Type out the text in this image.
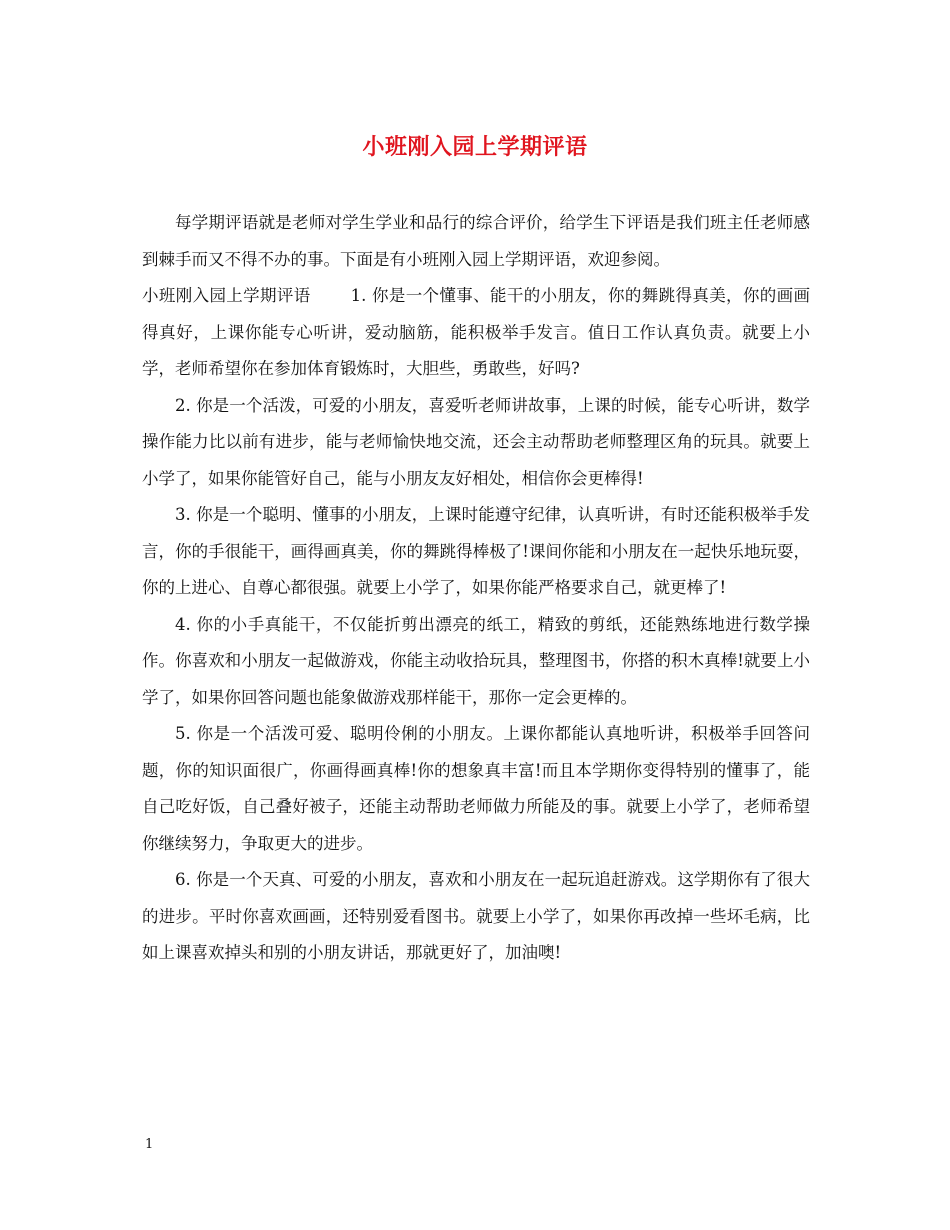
小班刚入园上学期评语

每学期评语就是老师对学生学业和品行的综合评价，给学生下评语是我们班主任老师感到棘手而又不得不办的事。下面是有小班刚入园上学期评语，欢迎参阅。

小班刚入园上学期评语 1. 你是一个懂事、能干的小朋友，你的舞跳得真美，你的画画得真好，上课你能专心听讲，爱动脑筋，能积极举手发言。值日工作认真负责。就要上小学，老师希望你在参加体育锻炼时，大胆些，勇敢些，好吗?

2. 你是一个活泼，可爱的小朋友，喜爱听老师讲故事，上课的时候，能专心听讲，数学操作能力比以前有进步，能与老师愉快地交流，还会主动帮助老师整理区角的玩具。就要上小学了，如果你能管好自己，能与小朋友友好相处，相信你会更棒得!

3. 你是一个聪明、懂事的小朋友，上课时能遵守纪律，认真听讲，有时还能积极举手发言，你的手很能干，画得画真美，你的舞跳得棒极了!课间你能和小朋友在一起快乐地玩耍，你的上进心、自尊心都很强。就要上小学了，如果你能严格要求自己，就更棒了!

4. 你的小手真能干，不仅能折剪出漂亮的纸工，精致的剪纸，还能熟练地进行数学操作。你喜欢和小朋友一起做游戏，你能主动收拾玩具，整理图书，你搭的积木真棒!就要上小学了，如果你回答问题也能象做游戏那样能干，那你一定会更棒的。

5. 你是一个活泼可爱、聪明伶俐的小朋友。上课你都能认真地听讲，积极举手回答问题，你的知识面很广，你画得画真棒!你的想象真丰富!而且本学期你变得特别的懂事了，能自己吃好饭，自己叠好被子，还能主动帮助老师做力所能及的事。就要上小学了，老师希望你继续努力，争取更大的进步。

6. 你是一个天真、可爱的小朋友，喜欢和小朋友在一起玩追赶游戏。这学期你有了很大的进步。平时你喜欢画画，还特别爱看图书。就要上小学了，如果你再改掉一些坏毛病，比如上课喜欢掉头和别的小朋友讲话，那就更好了，加油噢!

1
